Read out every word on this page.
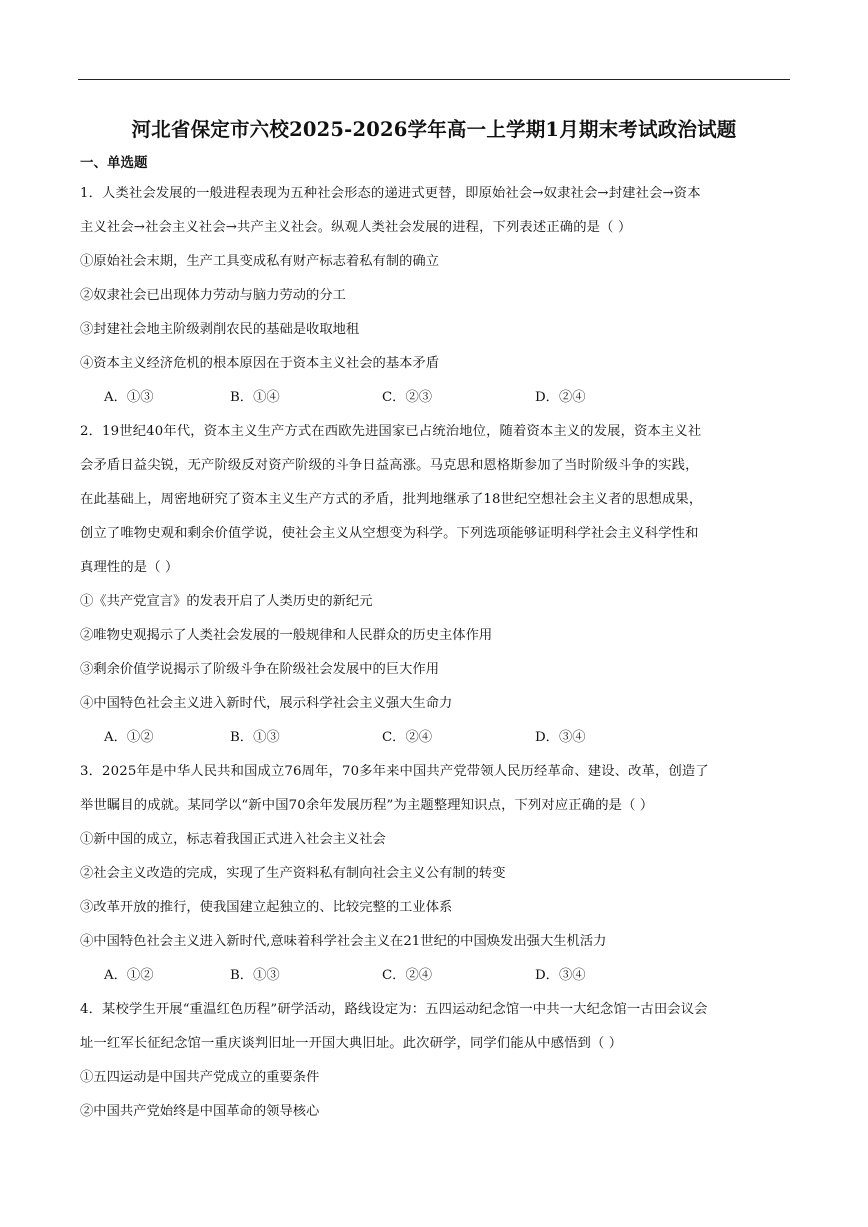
河北省保定市六校2025-2026学年高一上学期1月期末考试政治试题
一、单选题
1．人类社会发展的一般进程表现为五种社会形态的递进式更替，即原始社会→奴隶社会→封建社会→资本
主义社会→社会主义社会→共产主义社会。纵观人类社会发展的进程，下列表述正确的是（ ）
①原始社会末期，生产工具变成私有财产标志着私有制的确立
②奴隶社会已出现体力劳动与脑力劳动的分工
③封建社会地主阶级剥削农民的基础是收取地租
④资本主义经济危机的根本原因在于资本主义社会的基本矛盾
A．①③	B．①④	C．②③	D．②④
2．19世纪40年代，资本主义生产方式在西欧先进国家已占统治地位，随着资本主义的发展，资本主义社
会矛盾日益尖锐，无产阶级反对资产阶级的斗争日益高涨。马克思和恩格斯参加了当时阶级斗争的实践，
在此基础上，周密地研究了资本主义生产方式的矛盾，批判地继承了18世纪空想社会主义者的思想成果，
创立了唯物史观和剩余价值学说，使社会主义从空想变为科学。下列选项能够证明科学社会主义科学性和
真理性的是（ ）
①《共产党宣言》的发表开启了人类历史的新纪元
②唯物史观揭示了人类社会发展的一般规律和人民群众的历史主体作用
③剩余价值学说揭示了阶级斗争在阶级社会发展中的巨大作用
④中国特色社会主义进入新时代，展示科学社会主义强大生命力
A．①②	B．①③	C．②④	D．③④
3．2025年是中华人民共和国成立76周年，70多年来中国共产党带领人民历经革命、建设、改革，创造了
举世瞩目的成就。某同学以“新中国70余年发展历程”为主题整理知识点，下列对应正确的是（ ）
①新中国的成立，标志着我国正式进入社会主义社会
②社会主义改造的完成，实现了生产资料私有制向社会主义公有制的转变
③改革开放的推行，使我国建立起独立的、比较完整的工业体系
④中国特色社会主义进入新时代,意味着科学社会主义在21世纪的中国焕发出强大生机活力
A．①②	B．①③	C．②④	D．③④
4．某校学生开展“重温红色历程”研学活动，路线设定为：五四运动纪念馆一中共一大纪念馆一古田会议会
址一红军长征纪念馆一重庆谈判旧址一开国大典旧址。此次研学，同学们能从中感悟到（ ）
①五四运动是中国共产党成立的重要条件
②中国共产党始终是中国革命的领导核心
